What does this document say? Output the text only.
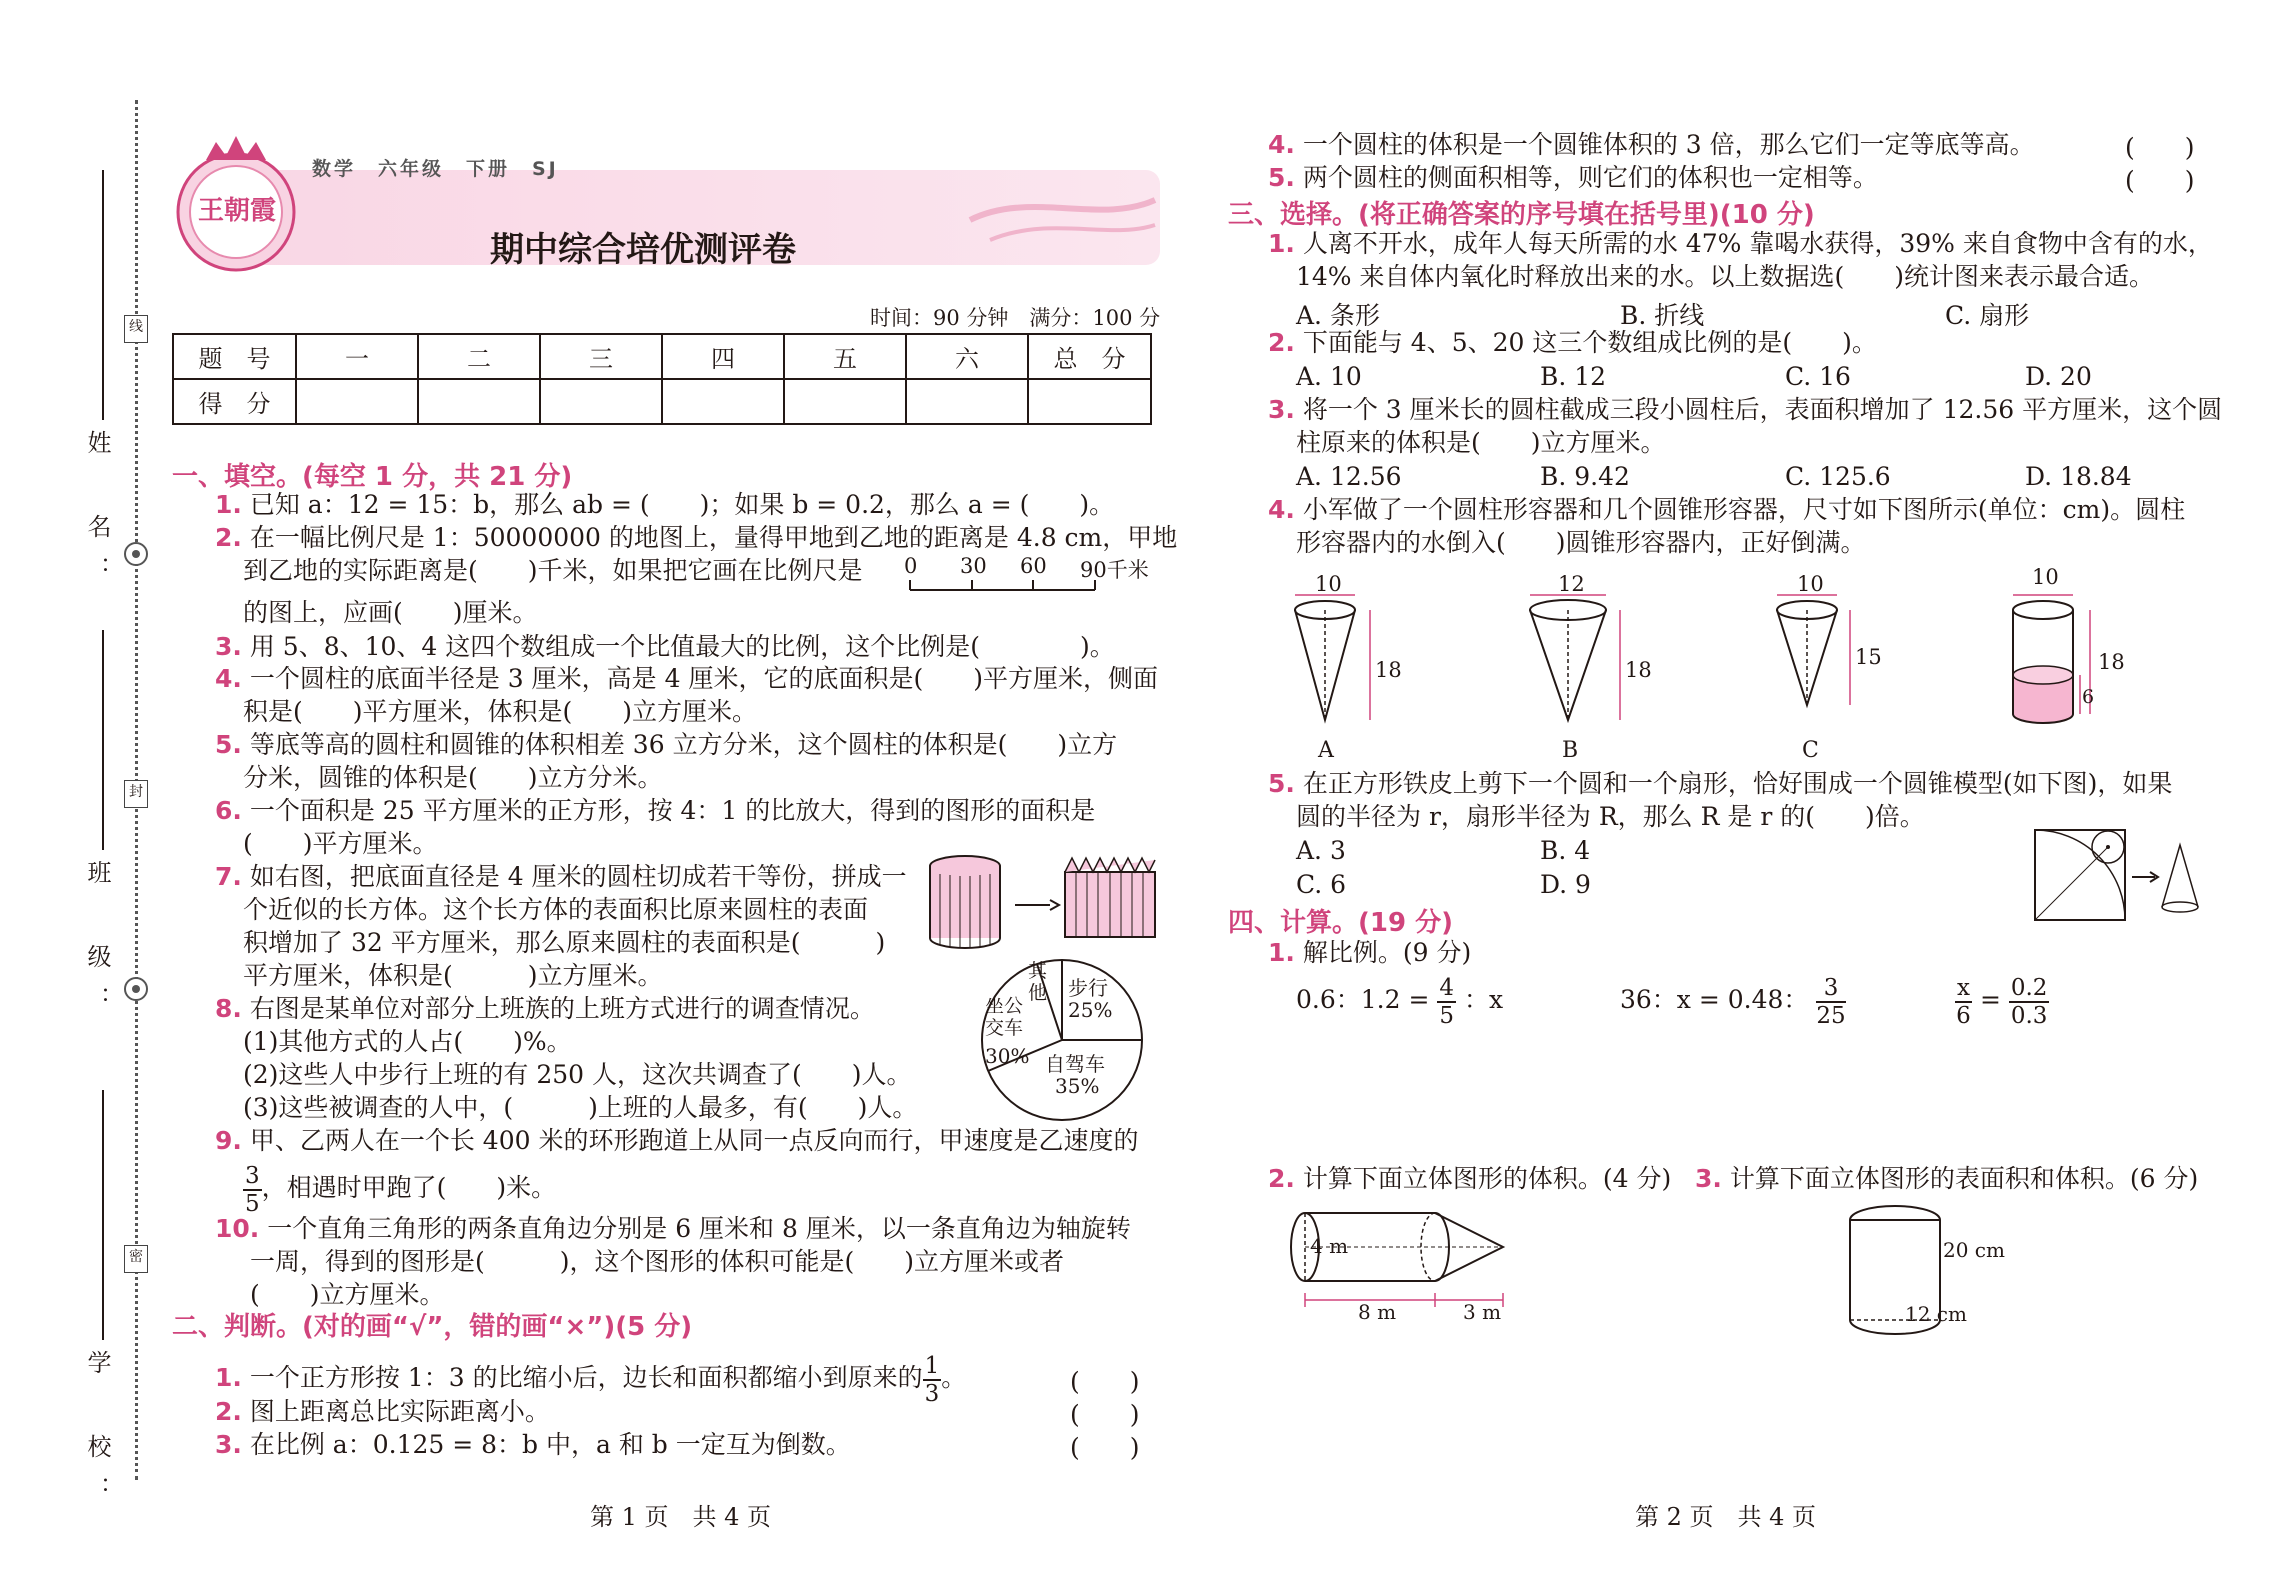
姓　名：
班　级：
学　校：
线
封
密
王朝霞
数学　六年级　下册　SJ
期中综合培优测评卷
时间：90 分钟　满分：100 分
题　号	一	二	三	四	五	六	总　分
得　分							
一、填空。(每空 1 分，共 21 分)
1. 已知 a：12 = 15：b，那么 ab = (　　)；如果 b = 0.2，那么 a = (　　)。
2. 在一幅比例尺是 1：50000000 的地图上，量得甲地到乙地的距离是 4.8 cm，甲地
到乙地的实际距离是(　　)千米，如果把它画在比例尺是 0 30 60 90千米
的图上，应画(　　)厘米。
3. 用 5、8、10、4 这四个数组成一个比值最大的比例，这个比例是(　　　　)。
4. 一个圆柱的底面半径是 3 厘米，高是 4 厘米，它的底面积是(　　)平方厘米，侧面
积是(　　)平方厘米，体积是(　　)立方厘米。
5. 等底等高的圆柱和圆锥的体积相差 36 立方分米，这个圆柱的体积是(　　)立方
分米，圆锥的体积是(　　)立方分米。
6. 一个面积是 25 平方厘米的正方形，按 4：1 的比放大，得到的图形的面积是
(　　)平方厘米。
7. 如右图，把底面直径是 4 厘米的圆柱切成若干等份，拼成一
个近似的长方体。这个长方体的表面积比原来圆柱的表面
积增加了 32 平方厘米，那么原来圆柱的表面积是(　　　)
平方厘米，体积是(　　　)立方厘米。
8. 右图是某单位对部分上班族的上班方式进行的调查情况。
(1)其他方式的人占(　　)%。
(2)这些人中步行上班的有 250 人，这次共调查了(　　)人。
(3)这些被调查的人中，(　　　)上班的人最多，有(　　)人。
其他 步行
25%
坐公交车
30% 自驾车
35%
9. 甲、乙两人在一个长 400 米的环形跑道上从同一点反向而行，甲速度是乙速度的
$\frac{3}{5}$ ，相遇时甲跑了(　　)米。
10. 一个直角三角形的两条直角边分别是 6 厘米和 8 厘米，以一条直角边为轴旋转
一周，得到的图形是(　　　)，这个图形的体积可能是(　　)立方厘米或者
(　　)立方厘米。
二、判断。(对的画“√”，错的画“×”)(5 分)
1. 一个正方形按 1：3 的比缩小后，边长和面积都缩小到原来的 $\frac{1}{3}$ 。	(　　)
2. 图上距离总比实际距离小。	(　　)
3. 在比例 a：0.125 = 8：b 中，a 和 b 一定互为倒数。	(　　)
第 1 页　共 4 页
4. 一个圆柱的体积是一个圆锥体积的 3 倍，那么它们一定等底等高。	(　　)
5. 两个圆柱的侧面积相等，则它们的体积也一定相等。	(　　)
三、选择。(将正确答案的序号填在括号里)(10 分)
1. 人离不开水，成年人每天所需的水 47% 靠喝水获得，39% 来自食物中含有的水，
14% 来自体内氧化时释放出来的水。以上数据选(　　)统计图来表示最合适。
A. 条形	B. 折线	C. 扇形
2. 下面能与 4、5、20 这三个数组成比例的是(　　)。
A. 10	B. 12	C. 16	D. 20
3. 将一个 3 厘米长的圆柱截成三段小圆柱后，表面积增加了 12.56 平方厘米，这个圆
柱原来的体积是(　　)立方厘米。
A. 12.56	B. 9.42	C. 125.6	D. 18.84
4. 小军做了一个圆柱形容器和几个圆锥形容器，尺寸如下图所示(单位：cm)。圆柱
形容器内的水倒入(　　)圆锥形容器内，正好倒满。
10
18
A
12
18
B
10
15
C
10
18
6
5. 在正方形铁皮上剪下一个圆和一个扇形，恰好围成一个圆锥模型(如下图)，如果
圆的半径为 r，扇形半径为 R，那么 R 是 r 的(　　)倍。
A. 3	B. 4
C. 6	D. 9
四、计算。(19 分)
1. 解比例。(9 分)
0.6：$1.2 = \frac{4}{5}$ ：x	36：x = 0.48： $\frac{3}{25}$	$\frac{x}{6} = \frac{0.2}{0.3}$
2. 计算下面立体图形的体积。(4 分) 3. 计算下面立体图形的表面积和体积。(6 分)
4 m
8 m	3 m
20 cm
12 cm
第 2 页　共 4 页
